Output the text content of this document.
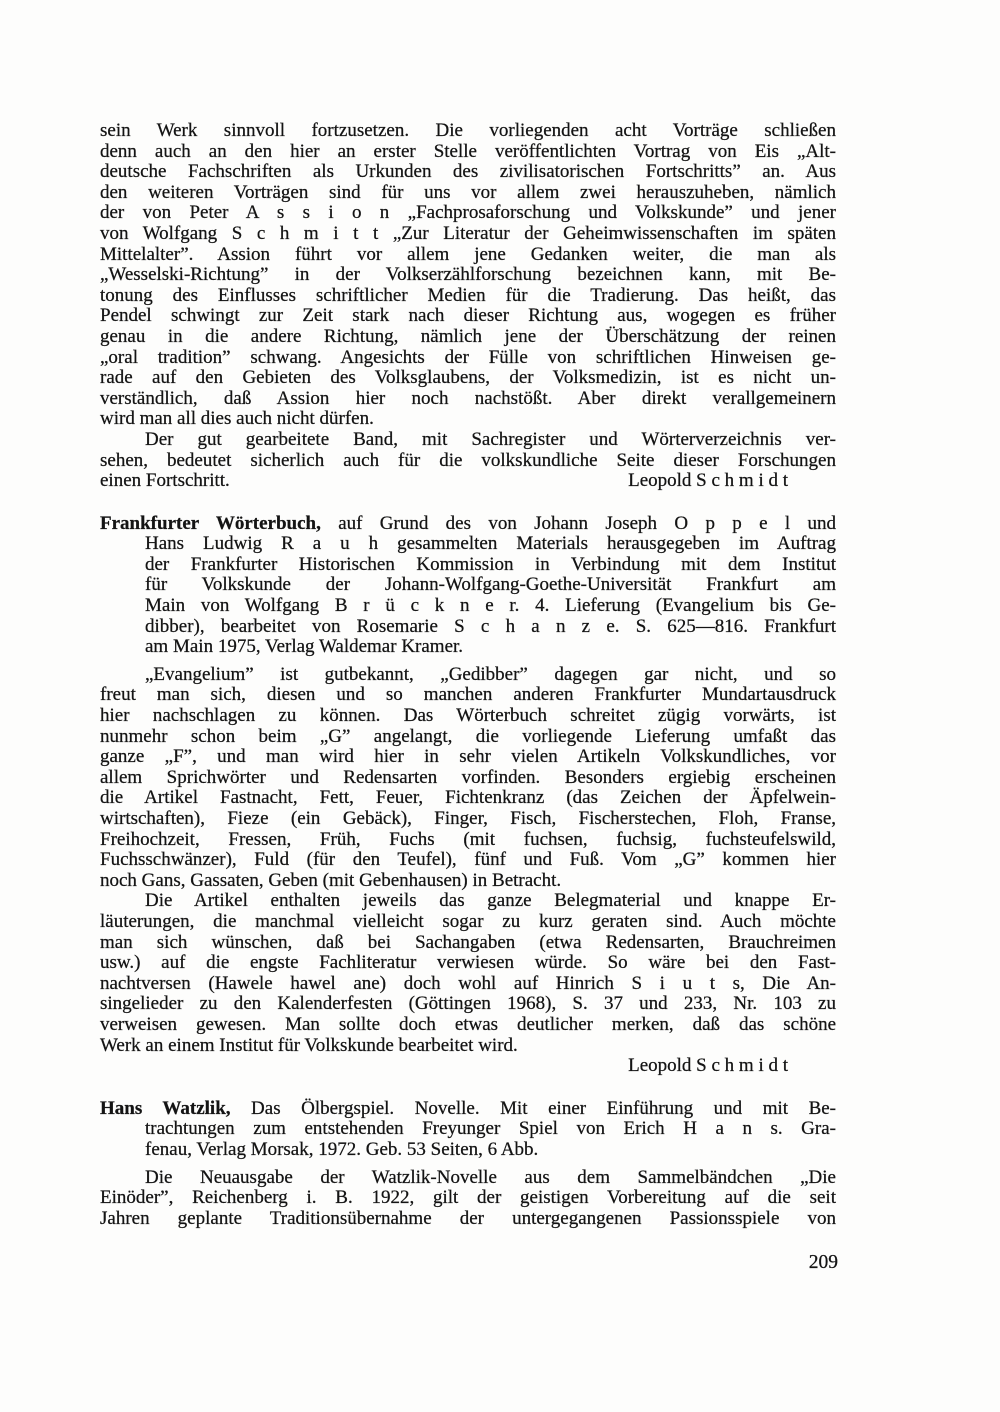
sein Werk sinnvoll fortzusetzen. Die vorliegenden acht Vorträge schließen
denn auch an den hier an erster Stelle veröffentlichten Vortrag von Eis „Alt-
deutsche Fachschriften als Urkunden des zivilisatorischen Fortschritts” an. Aus
den weiteren Vorträgen sind für uns vor allem zwei herauszuheben, nämlich
der von Peter A s s i o n „Fachprosaforschung und Volkskunde” und jener
von Wolfgang S c h m i t t „Zur Literatur der Geheimwissenschaften im späten
Mittelalter”. Assion führt vor allem jene Gedanken weiter, die man als
„Wesselski-Richtung” in der Volkserzählforschung bezeichnen kann, mit Be-
tonung des Einflusses schriftlicher Medien für die Tradierung. Das heißt, das
Pendel schwingt zur Zeit stark nach dieser Richtung aus, wogegen es früher
genau in die andere Richtung, nämlich jene der Überschätzung der reinen
„oral tradition” schwang. Angesichts der Fülle von schriftlichen Hinweisen ge-
rade auf den Gebieten des Volksglaubens, der Volksmedizin, ist es nicht un-
verständlich, daß Assion hier noch nachstößt. Aber direkt verallgemeinern
wird man all dies auch nicht dürfen.
Der gut gearbeitete Band, mit Sachregister und Wörterverzeichnis ver-
sehen, bedeutet sicherlich auch für die volkskundliche Seite dieser Forschungen
einen Fortschritt.	Leopold S c h m i d t
Frankfurter Wörterbuch, auf Grund des von Johann Joseph O p p e l und
Hans Ludwig R a u h gesammelten Materials herausgegeben im Auftrag
der Frankfurter Historischen Kommission in Verbindung mit dem Institut
für Volkskunde der Johann-Wolfgang-Goethe-Universität Frankfurt am
Main von Wolfgang B r ü c k n e r. 4. Lieferung (Evangelium bis Ge-
dibber), bearbeitet von Rosemarie S c h a n z e. S. 625—816. Frankfurt
am Main 1975, Verlag Waldemar Kramer.
„Evangelium” ist gutbekannt, „Gedibber” dagegen gar nicht, und so
freut man sich, diesen und so manchen anderen Frankfurter Mundartausdruck
hier nachschlagen zu können. Das Wörterbuch schreitet zügig vorwärts, ist
nunmehr schon beim „G” angelangt, die vorliegende Lieferung umfaßt das
ganze „F”, und man wird hier in sehr vielen Artikeln Volkskundliches, vor
allem Sprichwörter und Redensarten vorfinden. Besonders ergiebig erscheinen
die Artikel Fastnacht, Fett, Feuer, Fichtenkranz (das Zeichen der Äpfelwein-
wirtschaften), Fieze (ein Gebäck), Finger, Fisch, Fischerstechen, Floh, Franse,
Freihochzeit, Fressen, Früh, Fuchs (mit fuchsen, fuchsig, fuchsteufelswild,
Fuchsschwänzer), Fuld (für den Teufel), fünf und Fuß. Vom „G” kommen hier
noch Gans, Gassaten, Geben (mit Gebenhausen) in Betracht.
Die Artikel enthalten jeweils das ganze Belegmaterial und knappe Er-
läuterungen, die manchmal vielleicht sogar zu kurz geraten sind. Auch möchte
man sich wünschen, daß bei Sachangaben (etwa Redensarten, Brauchreimen
usw.) auf die engste Fachliteratur verwiesen würde. So wäre bei den Fast-
nachtversen (Hawele hawel ane) doch wohl auf Hinrich S i u t s, Die An-
singelieder zu den Kalenderfesten (Göttingen 1968), S. 37 und 233, Nr. 103 zu
verweisen gewesen. Man sollte doch etwas deutlicher merken, daß das schöne
Werk an einem Institut für Volkskunde bearbeitet wird.
Leopold S c h m i d t
Hans Watzlik, Das Ölbergspiel. Novelle. Mit einer Einführung und mit Be-
trachtungen zum entstehenden Freyunger Spiel von Erich H a n s. Gra-
fenau, Verlag Morsak, 1972. Geb. 53 Seiten, 6 Abb.
Die Neuausgabe der Watzlik-Novelle aus dem Sammelbändchen „Die
Einöder”, Reichenberg i. B. 1922, gilt der geistigen Vorbereitung auf die seit
Jahren geplante Traditionsübernahme der untergegangenen Passionsspiele von
209
